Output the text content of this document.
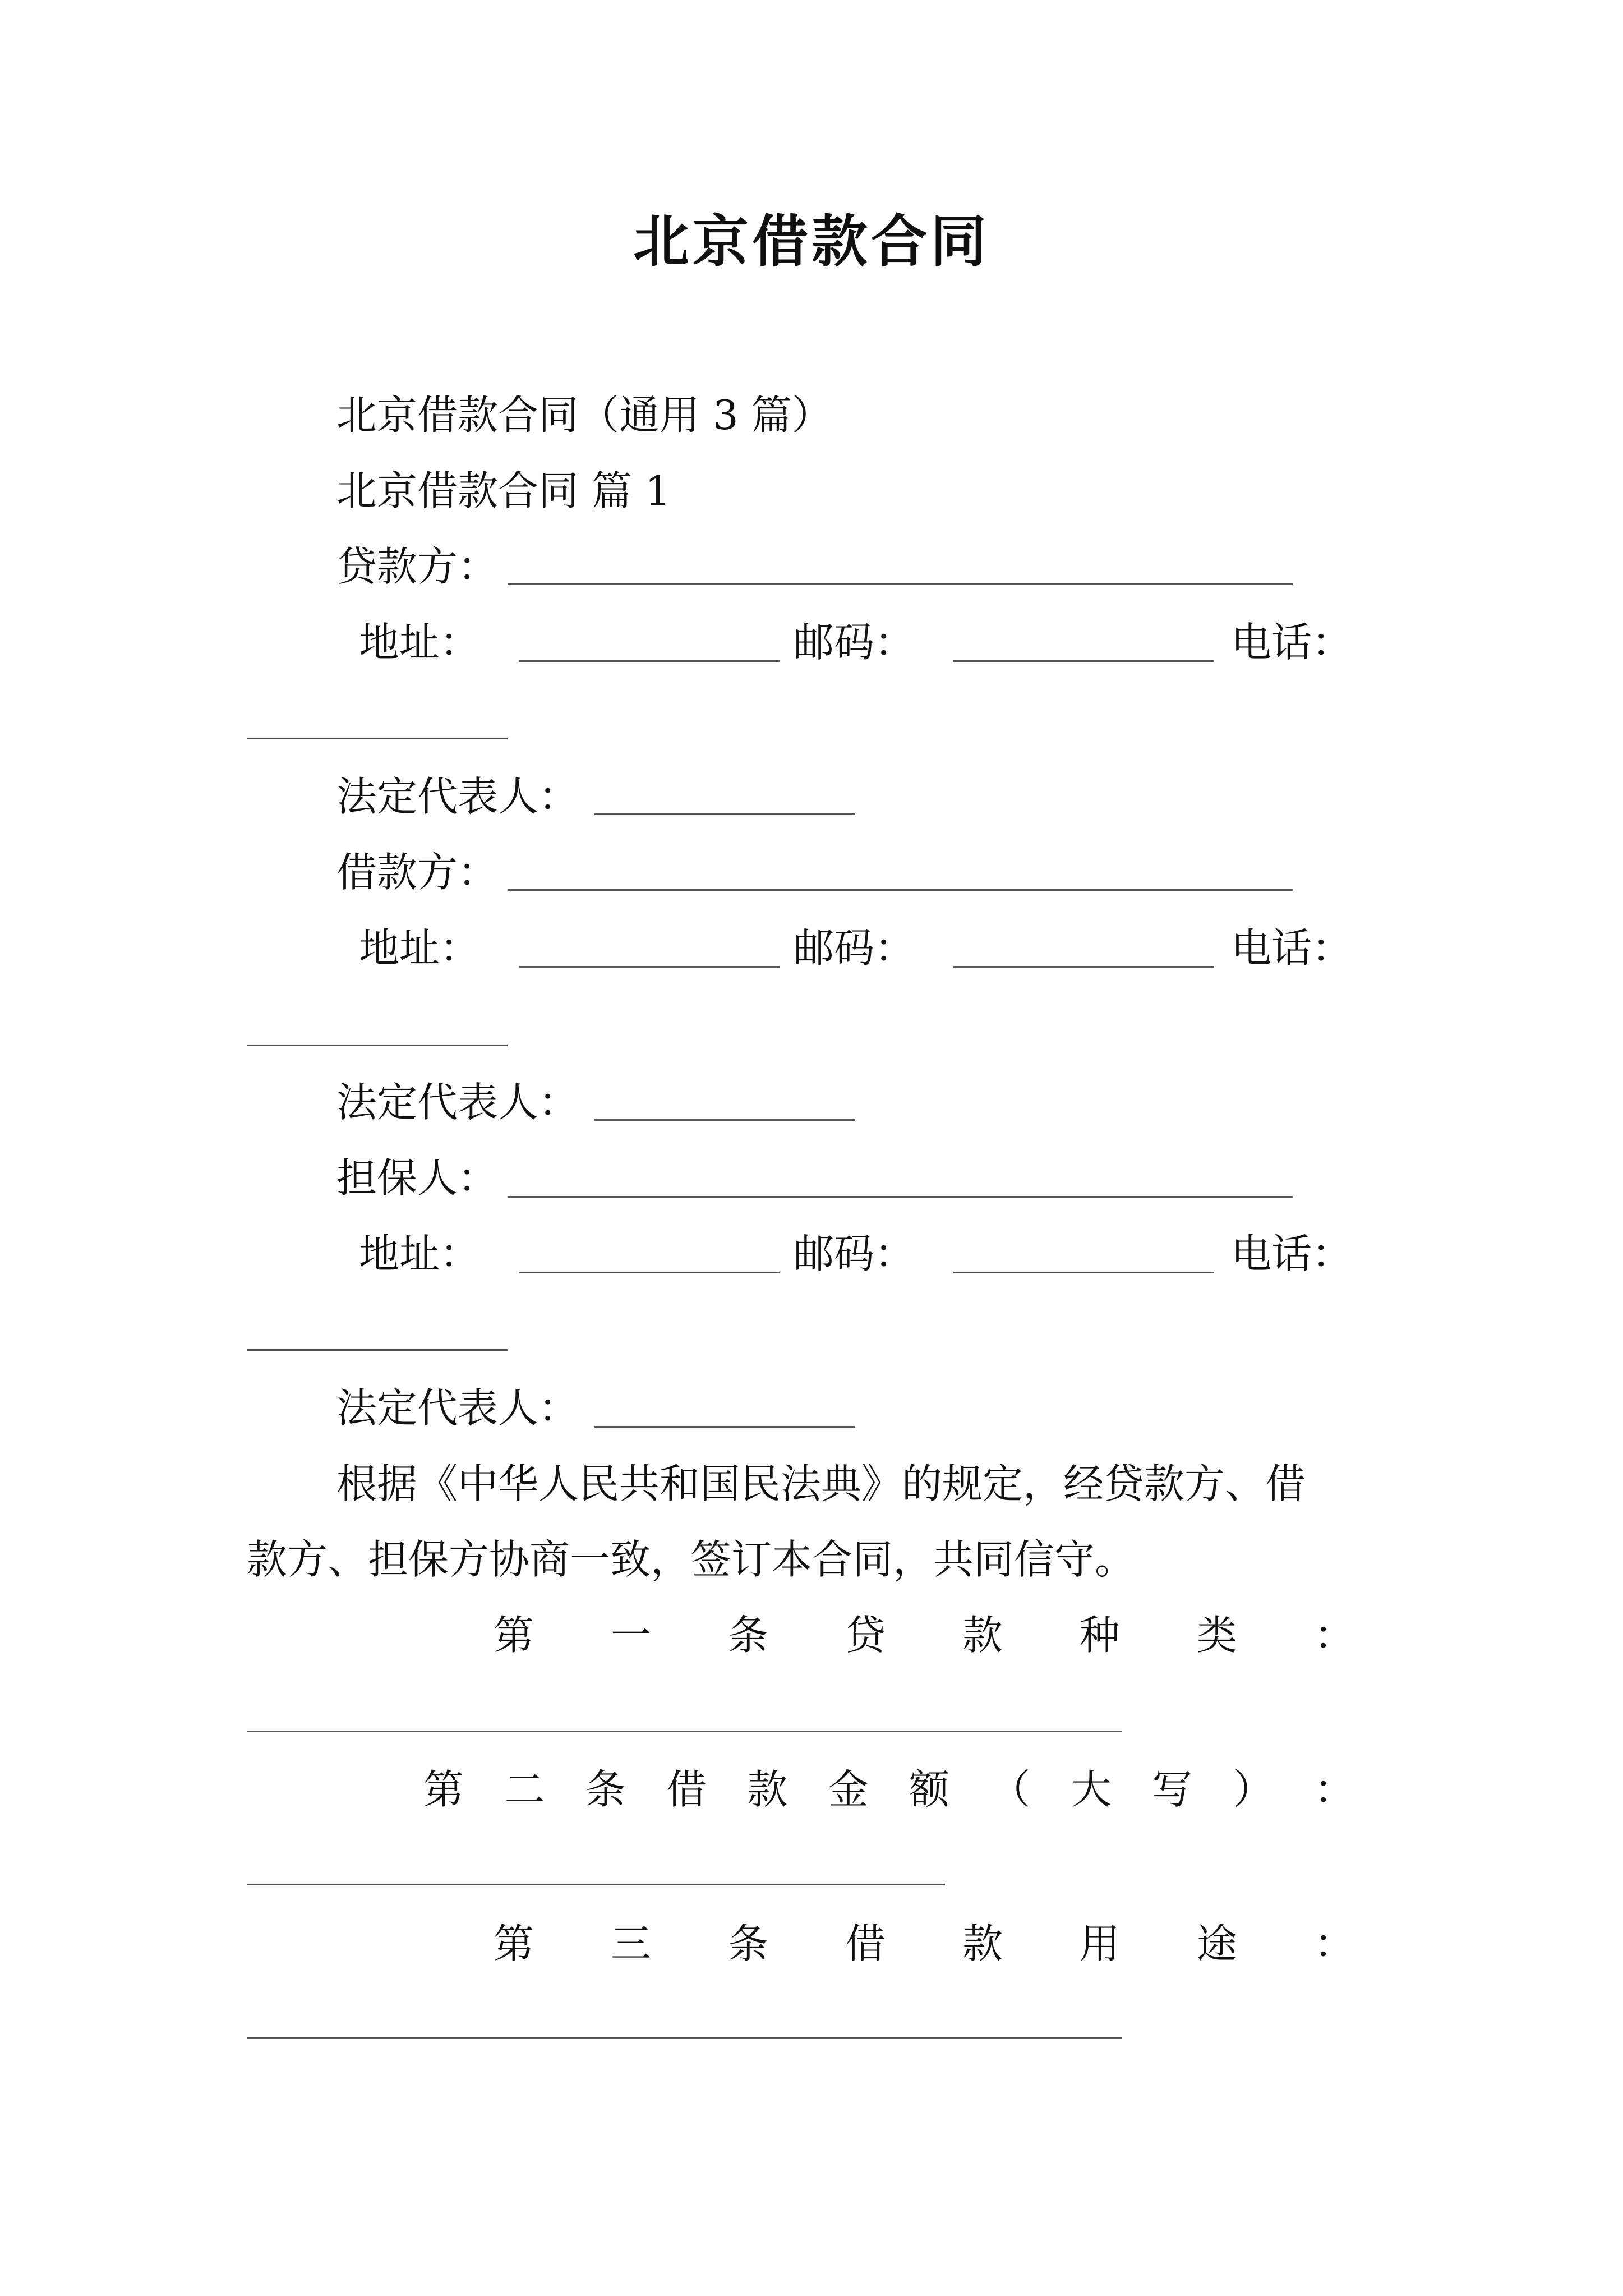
北京借款合同
北京借款合同（通用 3 篇）
北京借款合同 篇 1
贷款方：
地 址 ：	邮 码 ：	电 话 ：
法定代表人：
借款方：
地 址 ：	邮 码 ：	电 话 ：
法定代表人：
担保人：
地 址 ：	邮 码 ：	电 话 ：
法定代表人：
根据《中华人民共和国民法典》的规定，经贷款方、借
款方、担保方协商一致，签订本合同，共同信守。
第 一 条 贷 款 种 类 ：
第 二 条 借 款 金 额 （ 大 写 ） ：
第 三 条 借 款 用 途 ：
